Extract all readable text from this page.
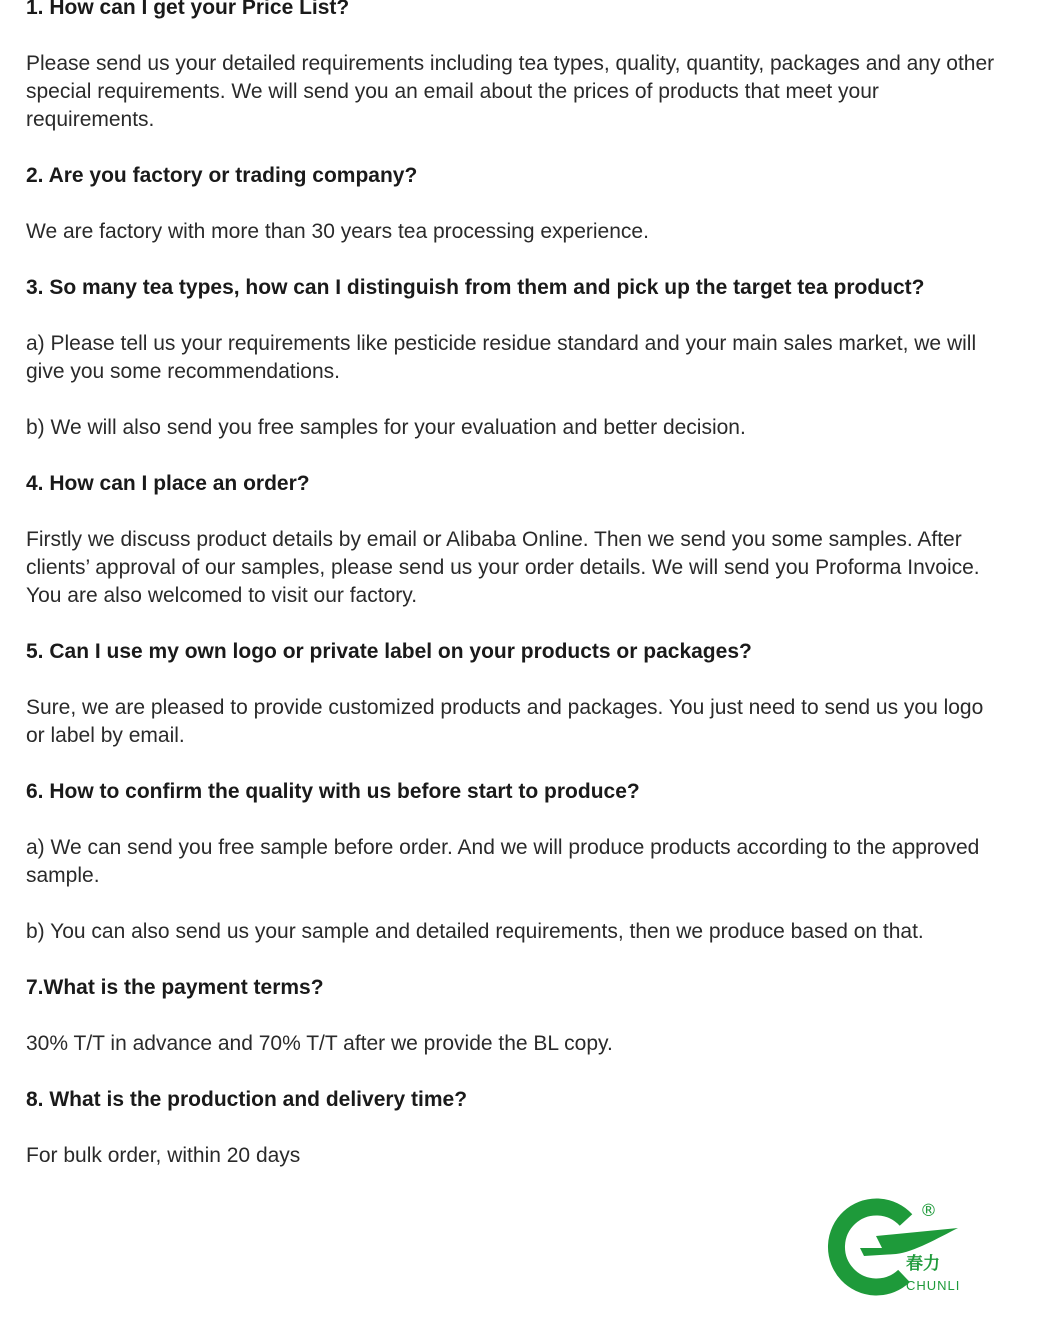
1. How can I get your Price List?

Please send us your detailed requirements including tea types, quality, quantity, packages and any other special requirements. We will send you an email about the prices of products that meet your requirements.

2. Are you factory or trading company?

We are factory with more than 30 years tea processing experience.

3. So many tea types, how can I distinguish from them and pick up the target tea product?

a) Please tell us your requirements like pesticide residue standard and your main sales market, we will give you some recommendations.

b) We will also send you free samples for your evaluation and better decision.

4. How can I place an order?

Firstly we discuss product details by email or Alibaba Online. Then we send you some samples. After clients’ approval of our samples, please send us your order details. We will send you Proforma Invoice. You are also welcomed to visit our factory.

5. Can I use my own logo or private label on your products or packages?

Sure, we are pleased to provide customized products and packages. You just need to send us you logo or label by email.

6. How to confirm the quality with us before start to produce?

a) We can send you free sample before order. And we will produce products according to the approved sample.

b) You can also send us your sample and detailed requirements, then we produce based on that.

7.What is the payment terms?

30% T/T in advance and 70% T/T after we provide the BL copy.

8. What is the production and delivery time?

For bulk order, within 20 days

®
春力
CHUNLI
